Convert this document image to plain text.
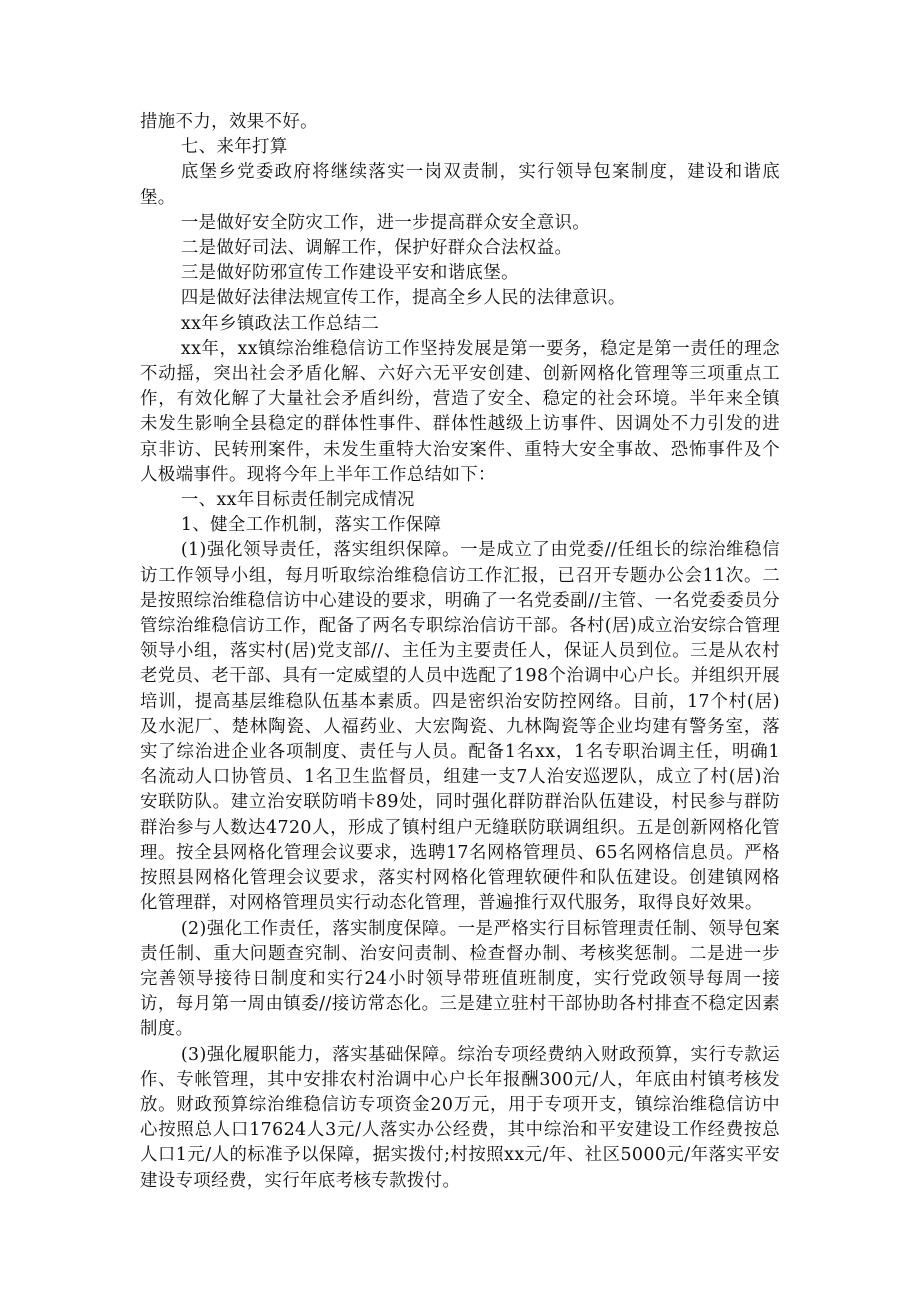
措施不力，效果不好。

七、来年打算

底堡乡党委政府将继续落实一岗双责制，实行领导包案制度，建设和谐底堡。

一是做好安全防灾工作，进一步提高群众安全意识。

二是做好司法、调解工作，保护好群众合法权益。

三是做好防邪宣传工作建设平安和谐底堡。

四是做好法律法规宣传工作，提高全乡人民的法律意识。

xx年乡镇政法工作总结二

xx年，xx镇综治维稳信访工作坚持发展是第一要务，稳定是第一责任的理念不动摇，突出社会矛盾化解、六好六无平安创建、创新网格化管理等三项重点工作，有效化解了大量社会矛盾纠纷，营造了安全、稳定的社会环境。半年来全镇未发生影响全县稳定的群体性事件、群体性越级上访事件、因调处不力引发的进京非访、民转刑案件，未发生重特大治安案件、重特大安全事故、恐怖事件及个人极端事件。现将今年上半年工作总结如下：

一、xx年目标责任制完成情况

1、健全工作机制，落实工作保障

(1)强化领导责任，落实组织保障。一是成立了由党委//任组长的综治维稳信访工作领导小组，每月听取综治维稳信访工作汇报，已召开专题办公会11次。二是按照综治维稳信访中心建设的要求，明确了一名党委副//主管、一名党委委员分管综治维稳信访工作，配备了两名专职综治信访干部。各村(居)成立治安综合管理领导小组，落实村(居)党支部//、主任为主要责任人，保证人员到位。三是从农村老党员、老干部、具有一定威望的人员中选配了198个治调中心户长。并组织开展培训，提高基层维稳队伍基本素质。四是密织治安防控网络。目前，17个村(居)及水泥厂、楚林陶瓷、人福药业、大宏陶瓷、九林陶瓷等企业均建有警务室，落实了综治进企业各项制度、责任与人员。配备1名xx，1名专职治调主任，明确1名流动人口协管员、1名卫生监督员，组建一支7人治安巡逻队，成立了村(居)治安联防队。建立治安联防哨卡89处，同时强化群防群治队伍建设，村民参与群防群治参与人数达4720人，形成了镇村组户无缝联防联调组织。五是创新网格化管理。按全县网格化管理会议要求，选聘17名网格管理员、65名网格信息员。严格按照县网格化管理会议要求，落实村网格化管理软硬件和队伍建设。创建镇网格化管理群，对网格管理员实行动态化管理，普遍推行双代服务，取得良好效果。

(2)强化工作责任，落实制度保障。一是严格实行目标管理责任制、领导包案责任制、重大问题查究制、治安问责制、检查督办制、考核奖惩制。二是进一步完善领导接待日制度和实行24小时领导带班值班制度，实行党政领导每周一接访，每月第一周由镇委//接访常态化。三是建立驻村干部协助各村排查不稳定因素制度。

(3)强化履职能力，落实基础保障。综治专项经费纳入财政预算，实行专款运作、专帐管理，其中安排农村治调中心户长年报酬300元/人，年底由村镇考核发放。财政预算综治维稳信访专项资金20万元，用于专项开支，镇综治维稳信访中心按照总人口17624人3元/人落实办公经费，其中综治和平安建设工作经费按总人口1元/人的标准予以保障，据实拨付;村按照xx元/年、社区5000元/年落实平安建设专项经费，实行年底考核专款拨付。
